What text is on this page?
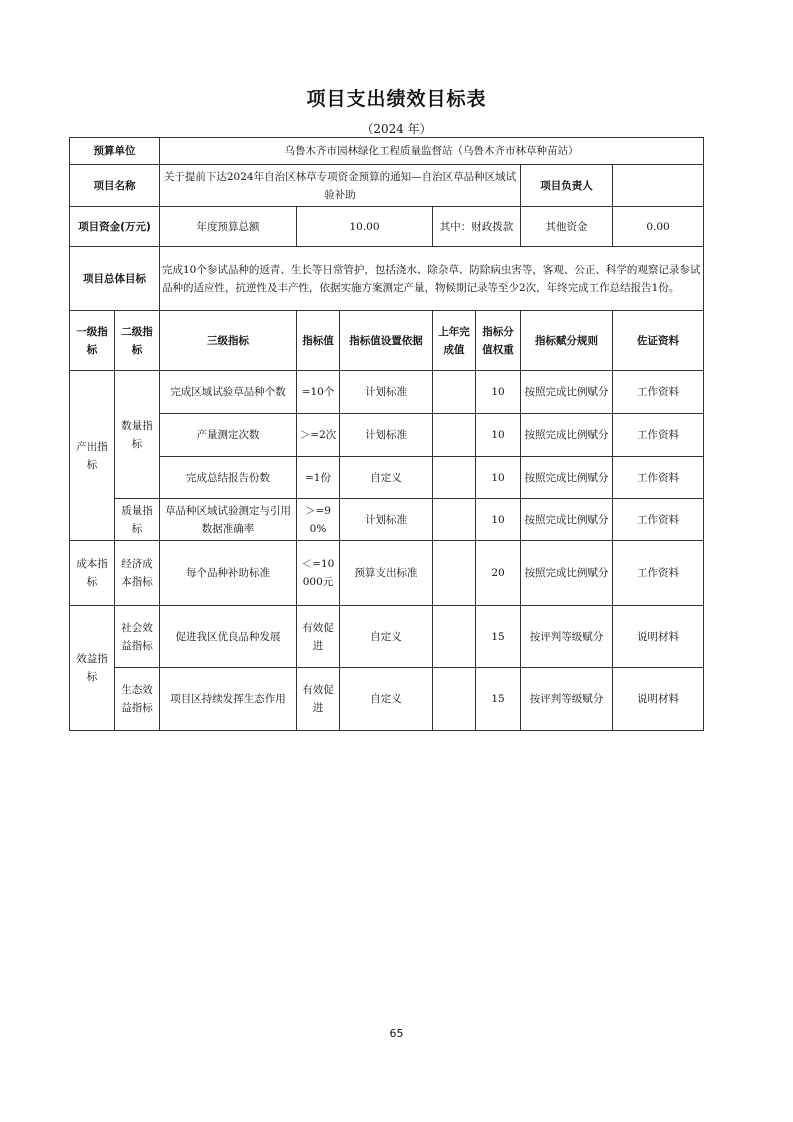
项目支出绩效目标表
（2024 年）
预算单位		乌鲁木齐市园林绿化工程质量监督站（乌鲁木齐市林草种苗站）						
项目名称		关于提前下达2024年自治区林草专项资金预算的通知—自治区草品种区域试验补助					项目负责人	
项目资金(万元)		年度预算总额	10.00		其中：财政拨款		其他资金	0.00
项目总体目标		完成10个参试品种的返青、生长等日常管护，包括浇水、除杂草、防除病虫害等，客观、公正、科学的观察记录参试品种的适应性，抗逆性及丰产性，依据实施方案测定产量，物候期记录等至少2次，年终完成工作总结报告1份。						
一级指标	二级指标	三级指标	指标值	指标值设置依据	上年完成值	指标分值权重	指标赋分规则	佐证资料
产出指标	数量指标	完成区域试验草品种个数	=10个	计划标准		10	按照完成比例赋分	工作资料
		产量测定次数	＞=2次	计划标准		10	按照完成比例赋分	工作资料
		完成总结报告份数	=1份	自定义		10	按照完成比例赋分	工作资料
	质量指标	草品种区域试验测定与引用数据准确率	＞=90%	计划标准		10	按照完成比例赋分	工作资料
成本指标	经济成本指标	每个品种补助标准	＜=10000元	预算支出标准		20	按照完成比例赋分	工作资料
效益指标	社会效益指标	促进我区优良品种发展	有效促进	自定义		15	按评判等级赋分	说明材料
	生态效益指标	项目区持续发挥生态作用	有效促进	自定义		15	按评判等级赋分	说明材料
65
